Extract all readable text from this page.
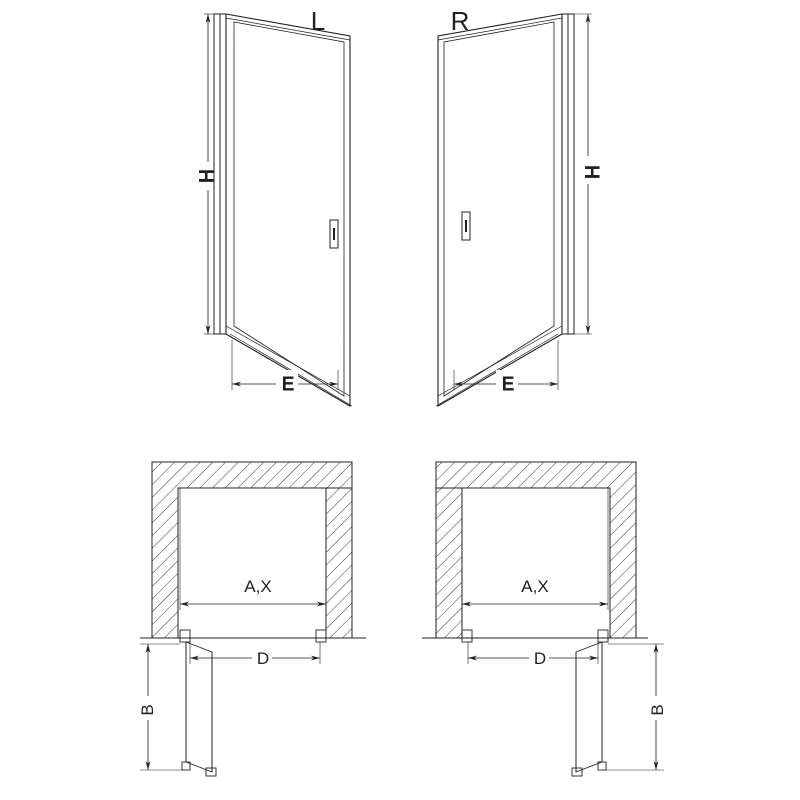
H
E
L
H
E
R
A,X
D
B
A,X
D
B
